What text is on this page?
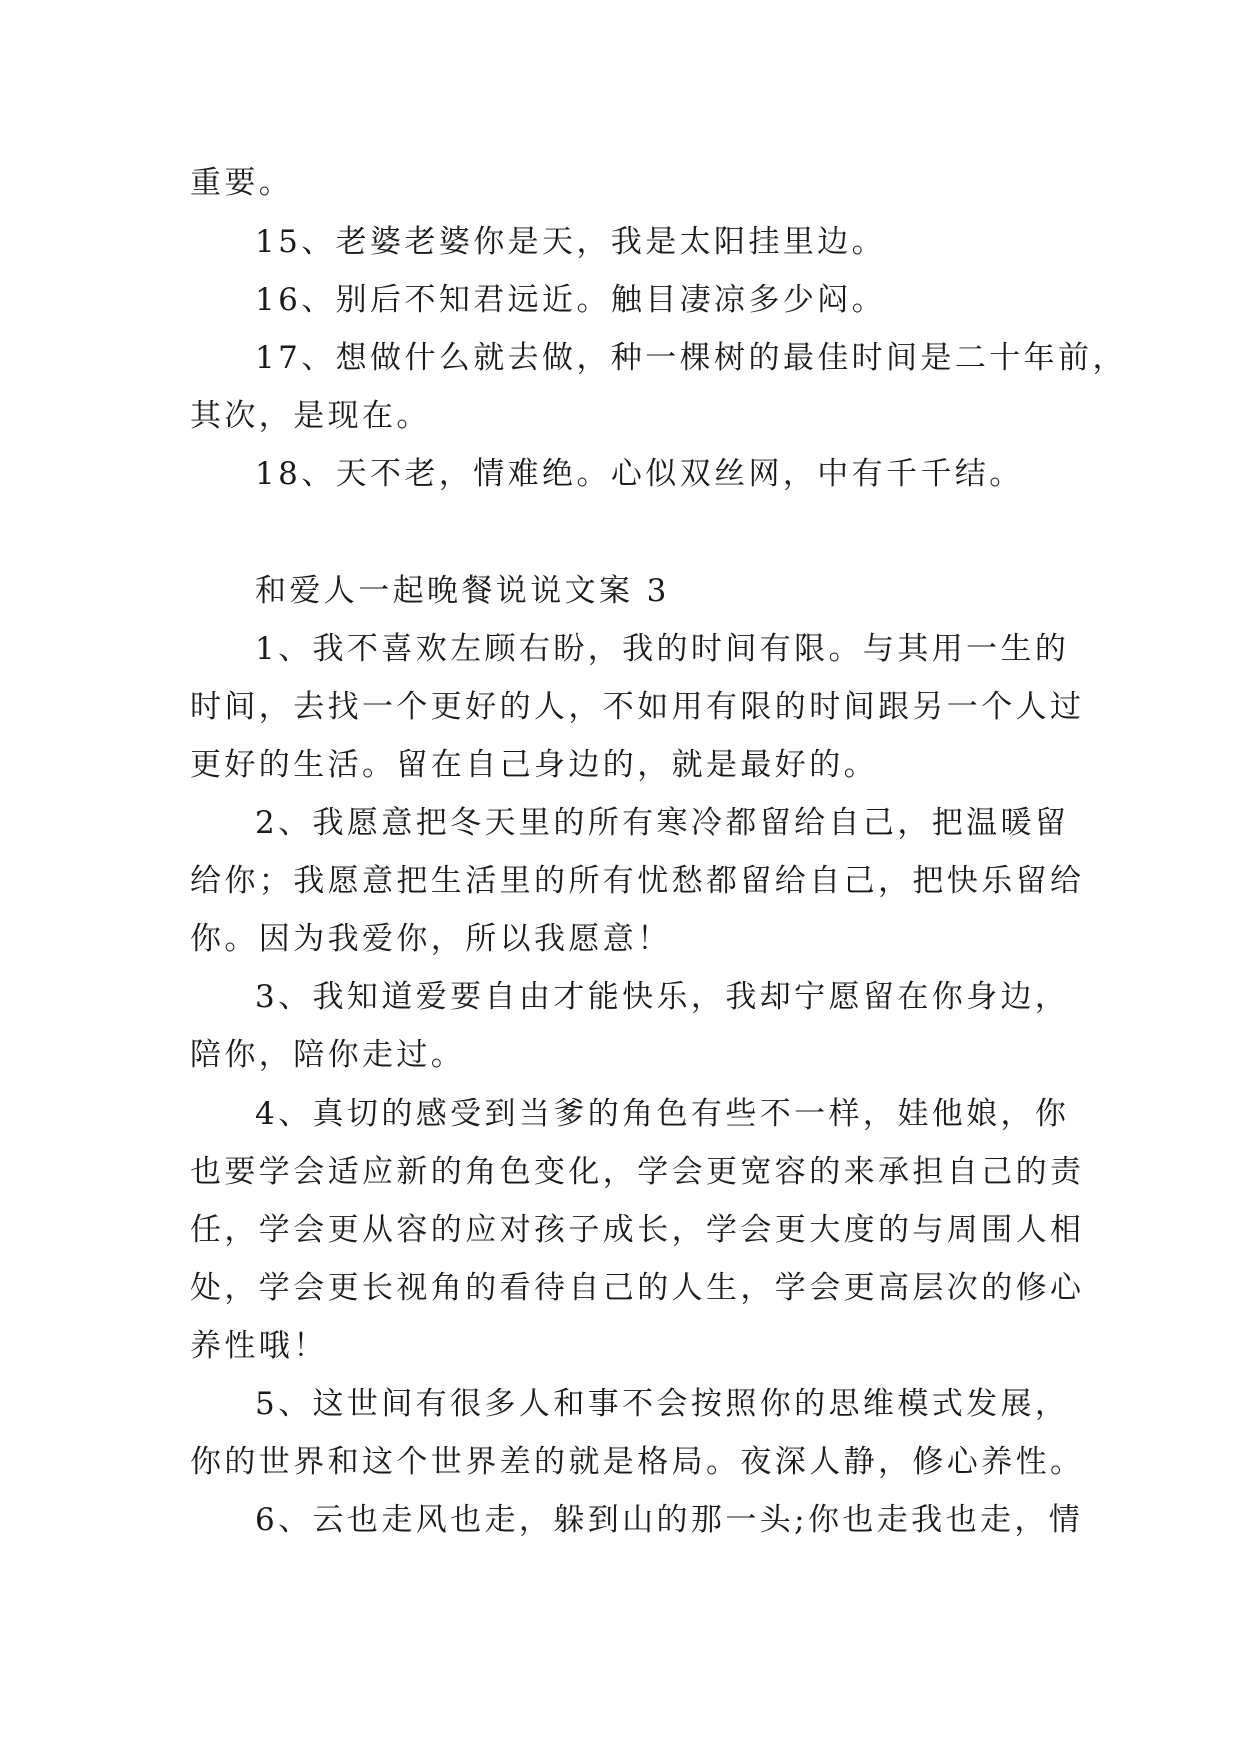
重要。
15、老婆老婆你是天，我是太阳挂里边。
16、别后不知君远近。触目凄凉多少闷。
17、想做什么就去做，种一棵树的最佳时间是二十年前，
其次，是现在。
18、天不老，情难绝。心似双丝网，中有千千结。
和爱人一起晚餐说说文案 3
1、我不喜欢左顾右盼，我的时间有限。与其用一生的
时间，去找一个更好的人，不如用有限的时间跟另一个人过
更好的生活。留在自己身边的，就是最好的。
2、我愿意把冬天里的所有寒冷都留给自己，把温暖留
给你；我愿意把生活里的所有忧愁都留给自己，把快乐留给
你。因为我爱你，所以我愿意！
3、我知道爱要自由才能快乐，我却宁愿留在你身边，
陪你，陪你走过。
4、真切的感受到当爹的角色有些不一样，娃他娘，你
也要学会适应新的角色变化，学会更宽容的来承担自己的责
任，学会更从容的应对孩子成长，学会更大度的与周围人相
处，学会更长视角的看待自己的人生，学会更高层次的修心
养性哦！
5、这世间有很多人和事不会按照你的思维模式发展，
你的世界和这个世界差的就是格局。夜深人静，修心养性。
6、云也走风也走，躲到山的那一头;你也走我也走，情
